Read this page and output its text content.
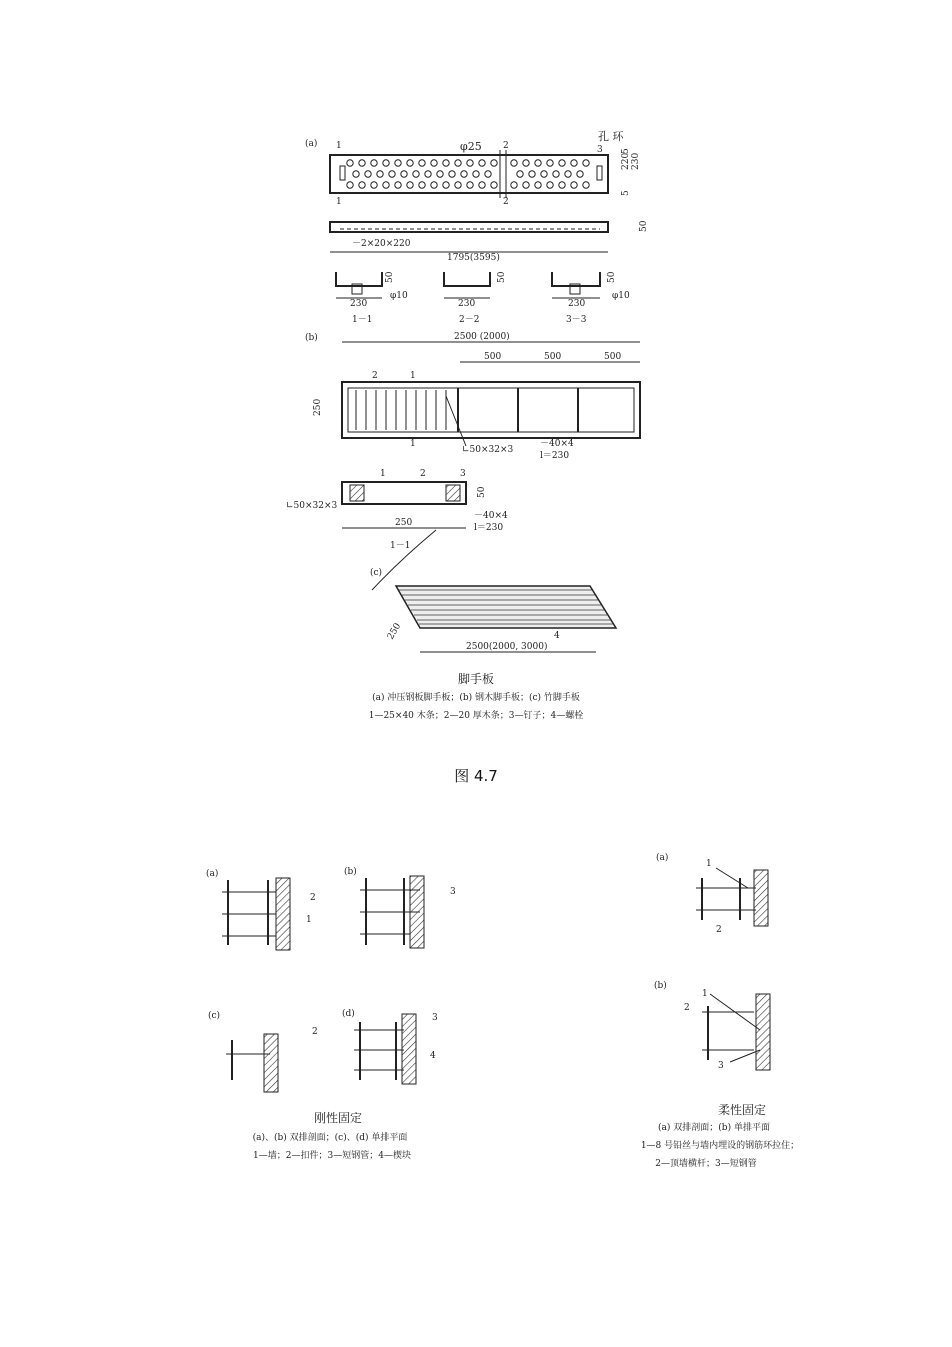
(a)	φ25
孔 环
1	2	3
220 230
5
5
1	2
－2×20×220
50
1795(3595)
50
230
φ10
1－1
50
230
2－2
50
230
φ10
3－3
(b)	2500 (2000)
500	500	500
250
2	1
1
∟50×32×3
－40×4
l＝230
1	2	3
∟50×32×3
50
－40×4
l＝230
250
1－1
(c)
4
250
2500(2000, 3000)
脚手板
(a) 冲压钢板脚手板；(b) 钢木脚手板；(c) 竹脚手板
1—25×40 木条；2—20 厚木条；3—钉子；4—螺栓
(a)
2
1
(b)
3
(c)
2
(d)	3
4
刚性固定
(a)、(b) 双排剖面；(c)、(d) 单排平面
1—墙；2—扣件；3—短钢管；4—楔块
(a)
1
2
(b)
1
2
3
柔性固定
(a) 双排剖面；(b) 单排平面
1—8 号铅丝与墙内埋设的钢筋环拉住；
2—顶墙横杆；3—短钢管
图 4.7
